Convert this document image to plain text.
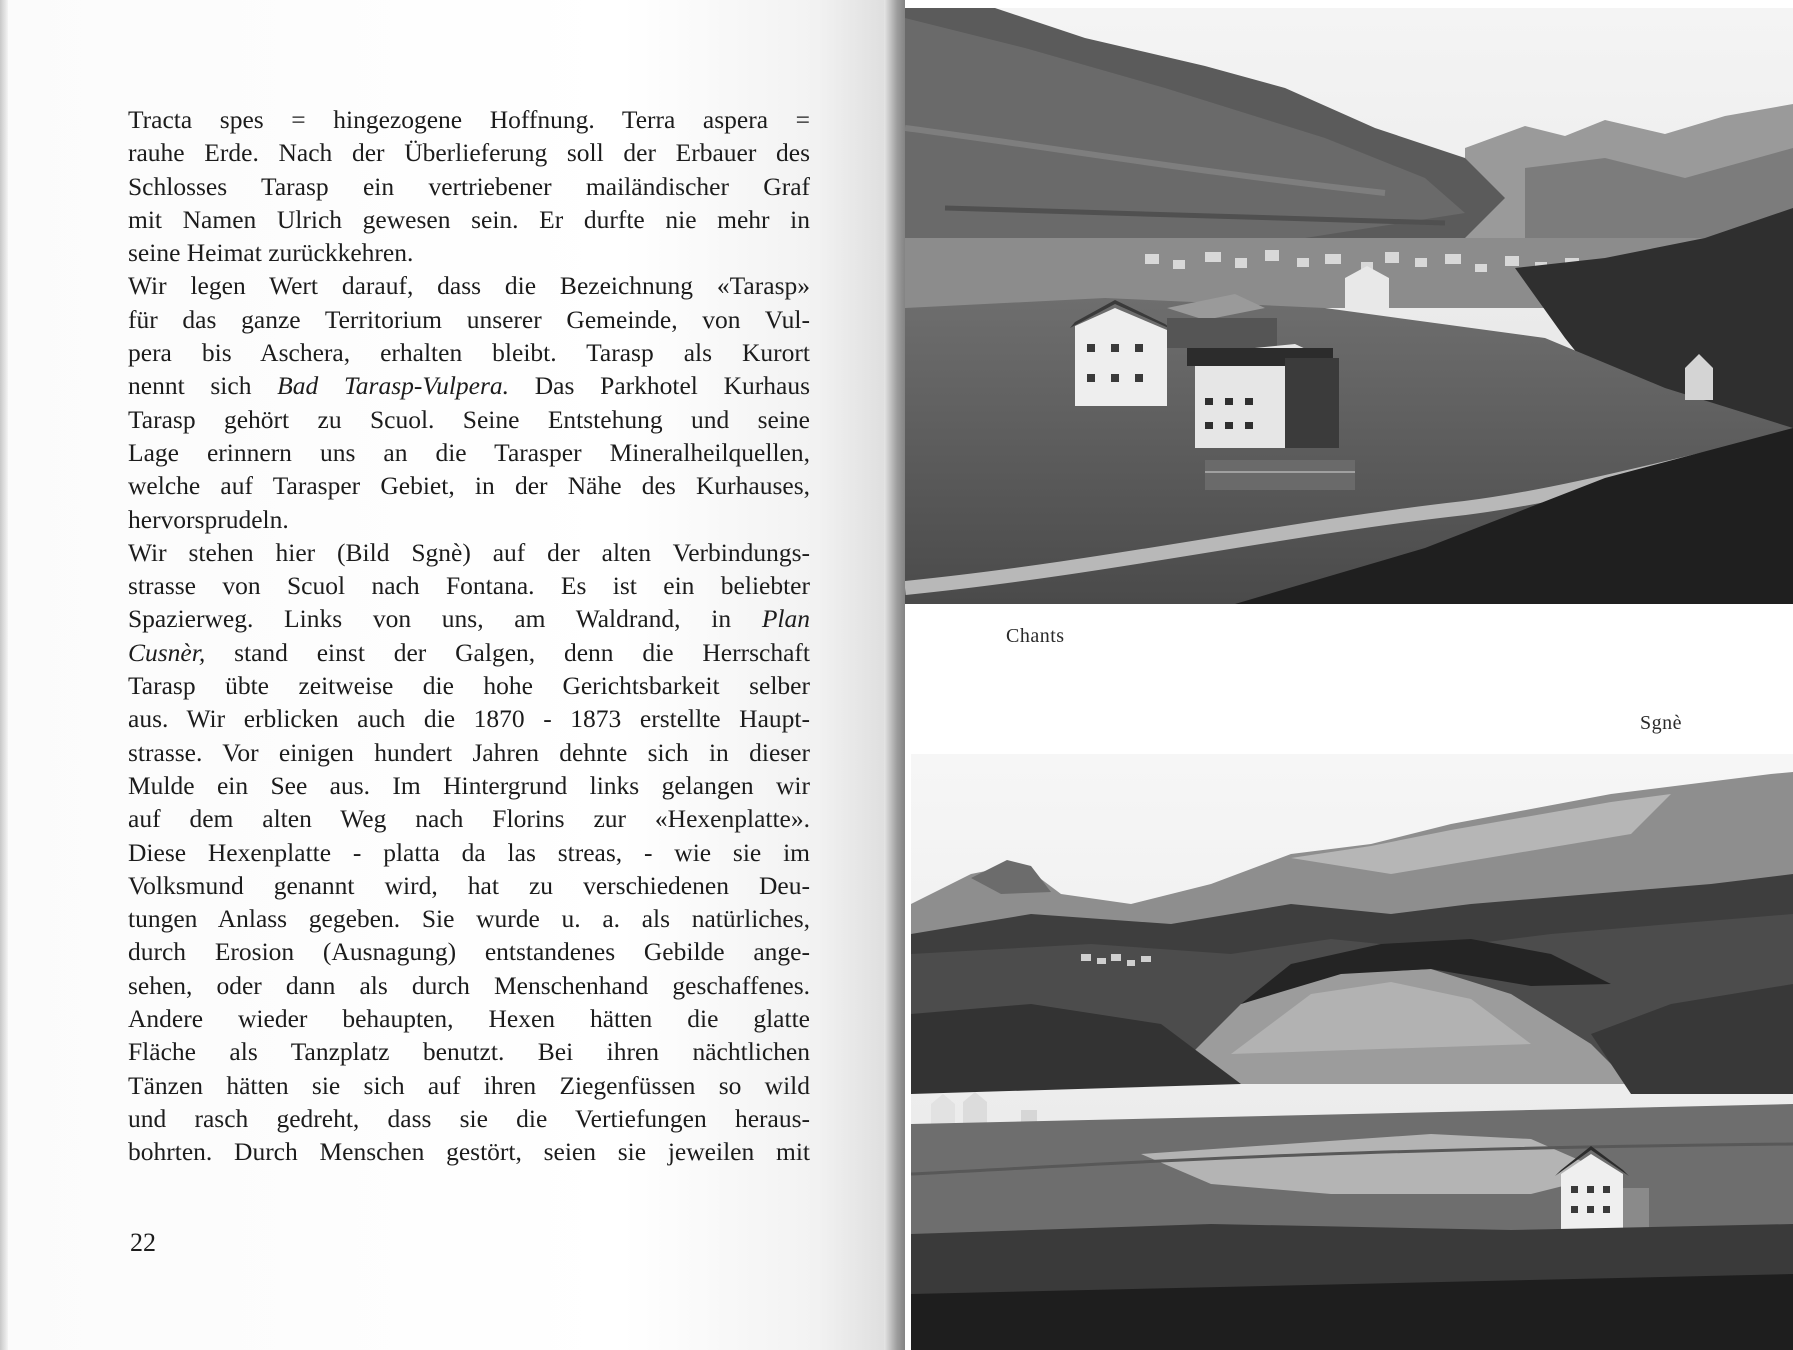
Tracta spes = hingezogene Hoffnung. Terra aspera =
rauhe Erde. Nach der Überlieferung soll der Erbauer des
Schlosses Tarasp ein vertriebener mailändischer Graf
mit Namen Ulrich gewesen sein. Er durfte nie mehr in
seine Heimat zurückkehren.
Wir legen Wert darauf, dass die Bezeichnung «Tarasp»
für das ganze Territorium unserer Gemeinde, von Vul-
pera bis Aschera, erhalten bleibt. Tarasp als Kurort
nennt sich Bad Tarasp-Vulpera. Das Parkhotel Kurhaus
Tarasp gehört zu Scuol. Seine Entstehung und seine
Lage erinnern uns an die Tarasper Mineralheilquellen,
welche auf Tarasper Gebiet, in der Nähe des Kurhauses,
hervorsprudeln.
Wir stehen hier (Bild Sgnè) auf der alten Verbindungs-
strasse von Scuol nach Fontana. Es ist ein beliebter
Spazierweg. Links von uns, am Waldrand, in Plan
Cusnèr, stand einst der Galgen, denn die Herrschaft
Tarasp übte zeitweise die hohe Gerichtsbarkeit selber
aus. Wir erblicken auch die 1870 - 1873 erstellte Haupt-
strasse. Vor einigen hundert Jahren dehnte sich in dieser
Mulde ein See aus. Im Hintergrund links gelangen wir
auf dem alten Weg nach Florins zur «Hexenplatte».
Diese Hexenplatte - platta da las streas, - wie sie im
Volksmund genannt wird, hat zu verschiedenen Deu-
tungen Anlass gegeben. Sie wurde u. a. als natürliches,
durch Erosion (Ausnagung) entstandenes Gebilde ange-
sehen, oder dann als durch Menschenhand geschaffenes.
Andere wieder behaupten, Hexen hätten die glatte
Fläche als Tanzplatz benutzt. Bei ihren nächtlichen
Tänzen hätten sie sich auf ihren Ziegenfüssen so wild
und rasch gedreht, dass sie die Vertiefungen heraus-
bohrten. Durch Menschen gestört, seien sie jeweilen mit
22
Chants
Sgnè
